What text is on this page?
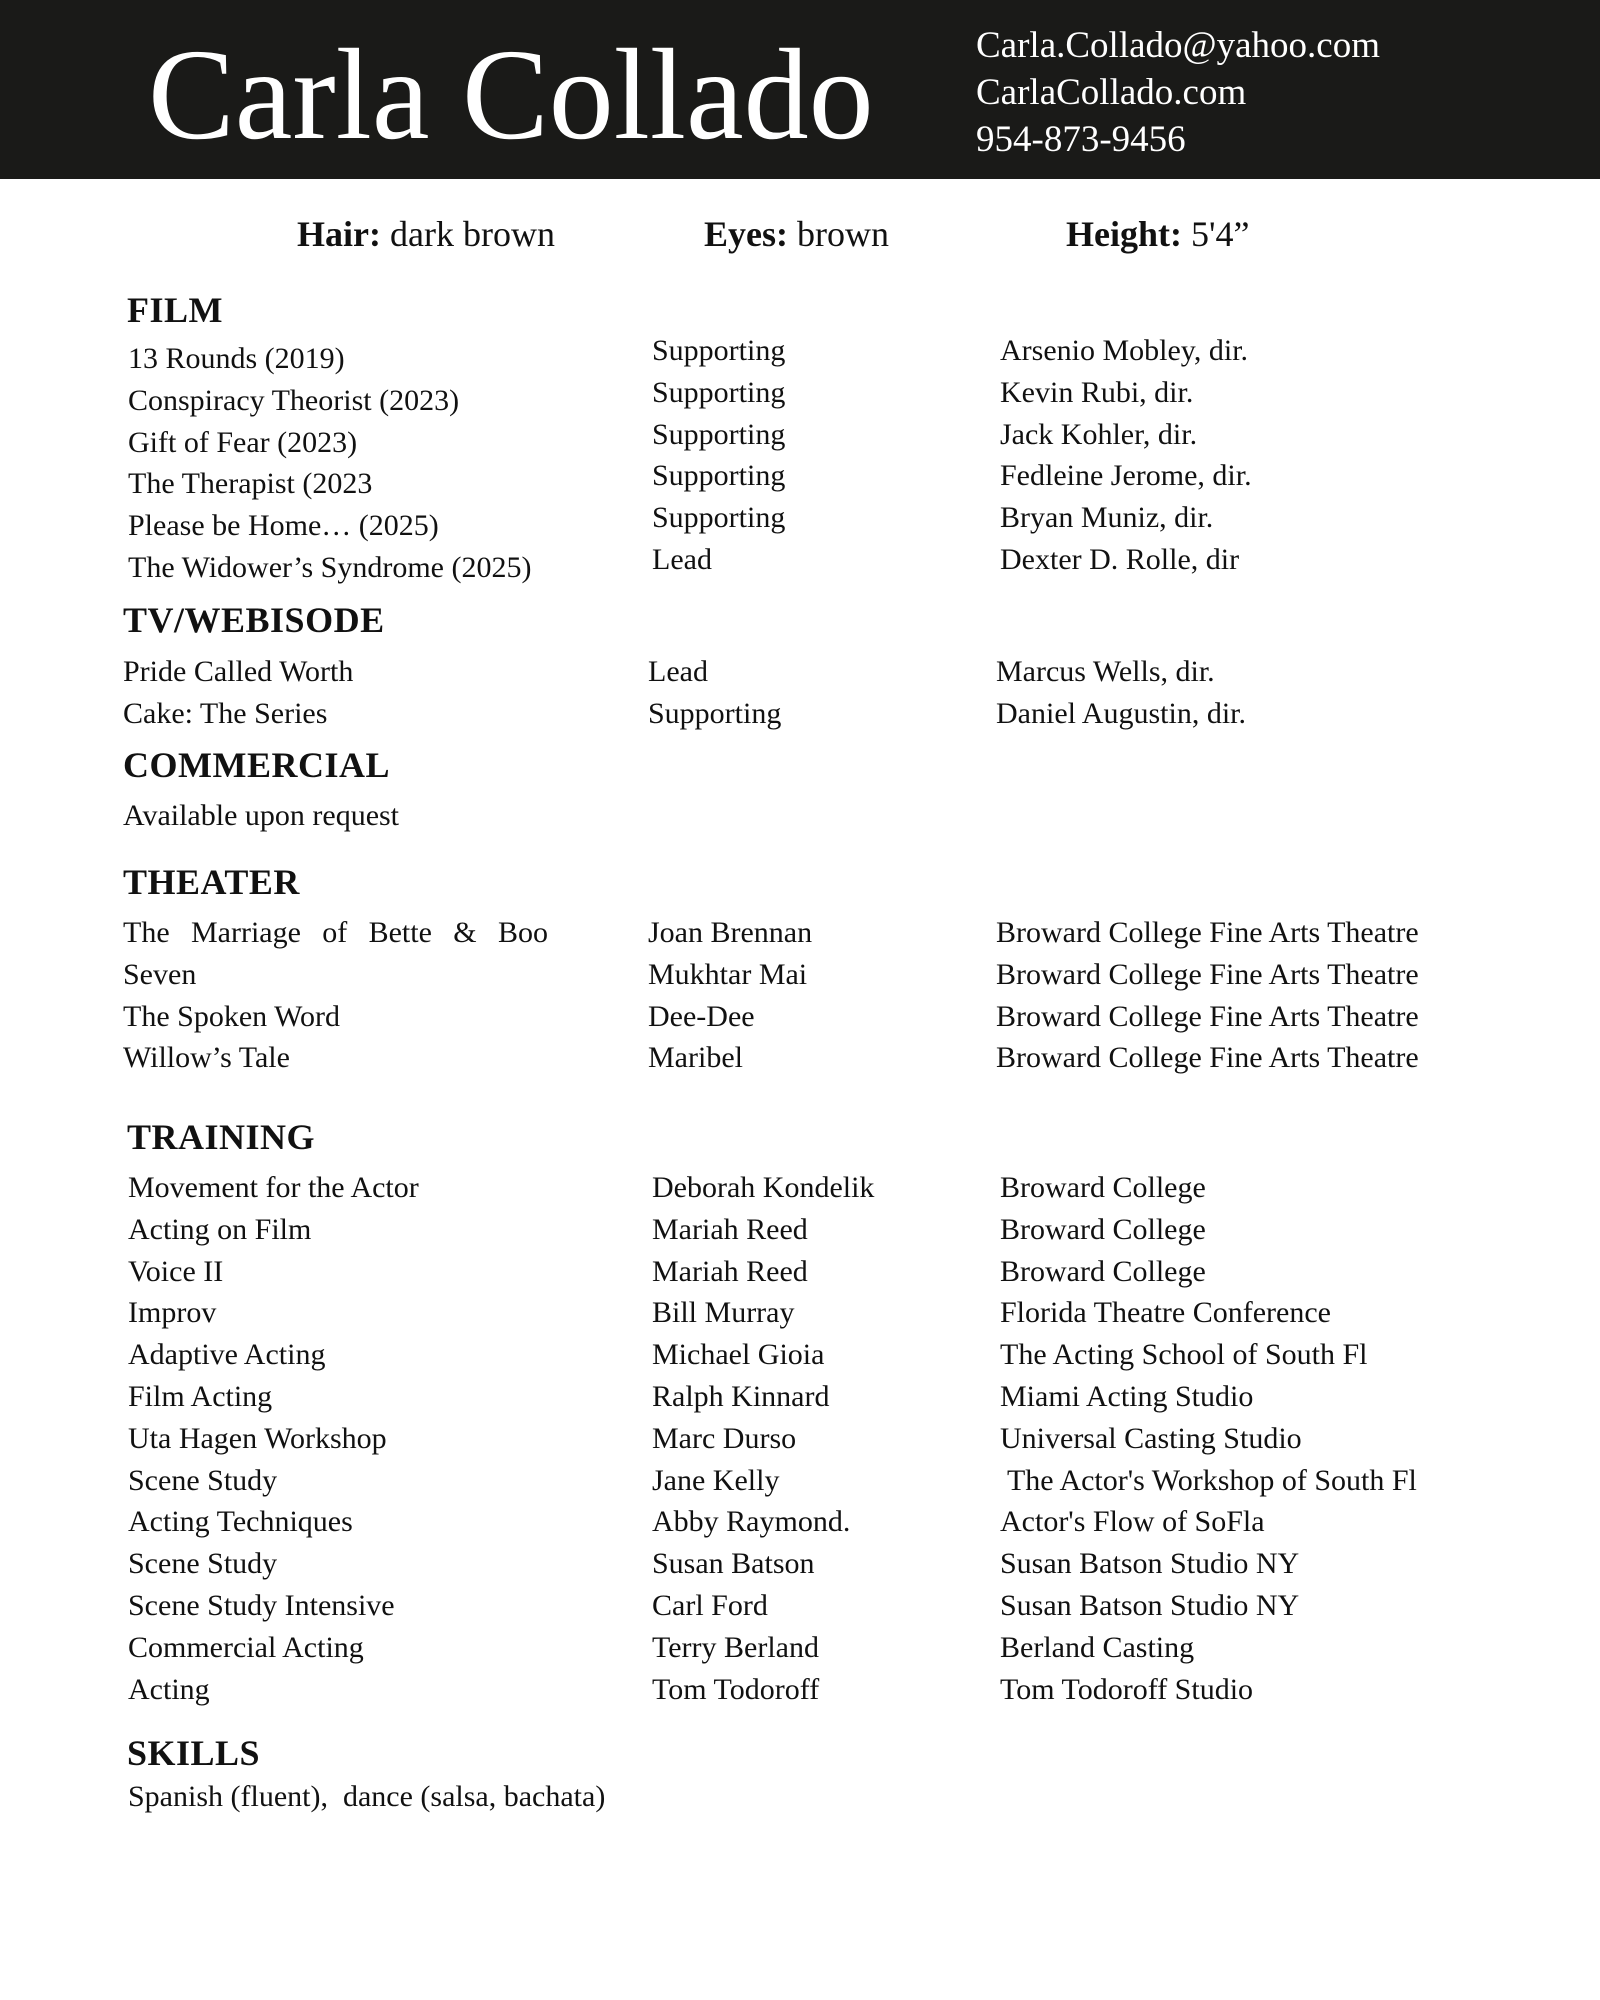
Carla Collado	Carla.Collado@yahoo.com
CarlaCollado.com
954-873-9456
Hair: dark brown	Eyes: brown	Height: 5'4”
FILM
13 Rounds (2019)	Supporting	Arsenio Mobley, dir.
Conspiracy Theorist (2023)	Supporting	Kevin Rubi, dir.
Gift of Fear (2023)	Supporting	Jack Kohler, dir.
The Therapist (2023	Supporting	Fedleine Jerome, dir.
Please be Home… (2025)	Supporting	Bryan Muniz, dir.
The Widower’s Syndrome (2025)	Lead	Dexter D. Rolle, dir
TV/WEBISODE
Pride Called Worth	Lead	Marcus Wells, dir.
Cake: The Series	Supporting	Daniel Augustin, dir.
COMMERCIAL
Available upon request
THEATER
The Marriage of Bette & Boo	Joan Brennan	Broward College Fine Arts Theatre
Seven	Mukhtar Mai	Broward College Fine Arts Theatre
The Spoken Word	Dee-Dee	Broward College Fine Arts Theatre
Willow’s Tale	Maribel	Broward College Fine Arts Theatre
TRAINING
Movement for the Actor	Deborah Kondelik	Broward College
Acting on Film	Mariah Reed	Broward College
Voice II	Mariah Reed	Broward College
Improv	Bill Murray	Florida Theatre Conference
Adaptive Acting	Michael Gioia	The Acting School of South Fl
Film Acting	Ralph Kinnard	Miami Acting Studio
Uta Hagen Workshop	Marc Durso	Universal Casting Studio
Scene Study	Jane Kelly	The Actor's Workshop of South Fl
Acting Techniques	Abby Raymond.	Actor's Flow of SoFla
Scene Study	Susan Batson	Susan Batson Studio NY
Scene Study Intensive	Carl Ford	Susan Batson Studio NY
Commercial Acting	Terry Berland	Berland Casting
Acting	Tom Todoroff	Tom Todoroff Studio
SKILLS
Spanish (fluent),  dance (salsa, bachata)
